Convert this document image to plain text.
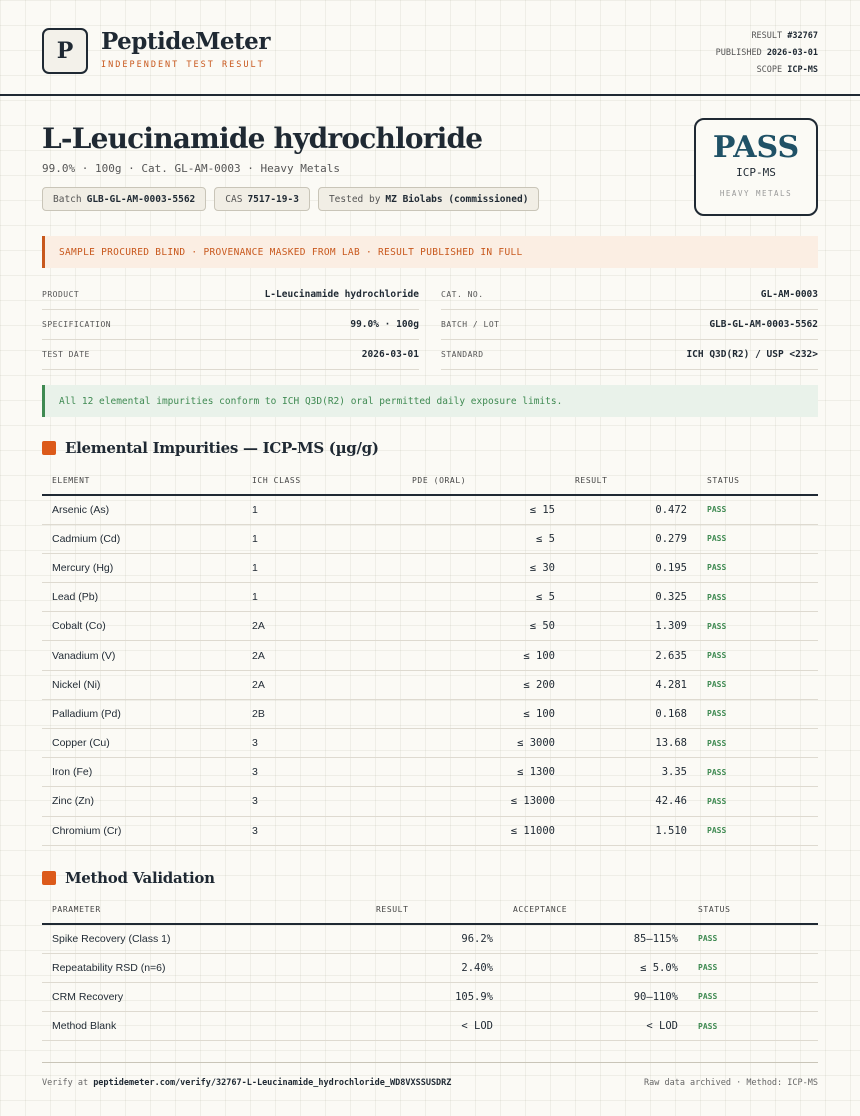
P PeptideMeter
INDEPENDENT TEST RESULT
RESULT #32767
PUBLISHED 2026-03-01
SCOPE ICP-MS
L-Leucinamide hydrochloride
99.0% · 100g · Cat. GL-AM-0003 · Heavy Metals
Batch GLB-GL-AM-0003-5562	CAS 7517-19-3	Tested by MZ Biolabs (commissioned)
PASS
ICP-MS
HEAVY METALS
SAMPLE PROCURED BLIND · PROVENANCE MASKED FROM LAB · RESULT PUBLISHED IN FULL
PRODUCT	L-Leucinamide hydrochloride	CAT. NO.	GL-AM-0003
SPECIFICATION	99.0% · 100g	BATCH / LOT	GLB-GL-AM-0003-5562
TEST DATE	2026-03-01	STANDARD	ICH Q3D(R2) / USP <232>
All 12 elemental impurities conform to ICH Q3D(R2) oral permitted daily exposure limits.
Elemental Impurities — ICP-MS (µg/g)
ELEMENT	ICH CLASS	PDE (ORAL)	RESULT	STATUS
Arsenic (As)	1	≤ 15	0.472	PASS
Cadmium (Cd)	1	≤ 5	0.279	PASS
Mercury (Hg)	1	≤ 30	0.195	PASS
Lead (Pb)	1	≤ 5	0.325	PASS
Cobalt (Co)	2A	≤ 50	1.309	PASS
Vanadium (V)	2A	≤ 100	2.635	PASS
Nickel (Ni)	2A	≤ 200	4.281	PASS
Palladium (Pd)	2B	≤ 100	0.168	PASS
Copper (Cu)	3	≤ 3000	13.68	PASS
Iron (Fe)	3	≤ 1300	3.35	PASS
Zinc (Zn)	3	≤ 13000	42.46	PASS
Chromium (Cr)	3	≤ 11000	1.510	PASS
Method Validation
PARAMETER	RESULT	ACCEPTANCE	STATUS
Spike Recovery (Class 1)	96.2%	85–115%	PASS
Repeatability RSD (n=6)	2.40%	≤ 5.0%	PASS
CRM Recovery	105.9%	90–110%	PASS
Method Blank	< LOD	< LOD	PASS
Verify at peptidemeter.com/verify/32767-L-Leucinamide_hydrochloride_WD8VXSSUSDRZ	Raw data archived · Method: ICP-MS
